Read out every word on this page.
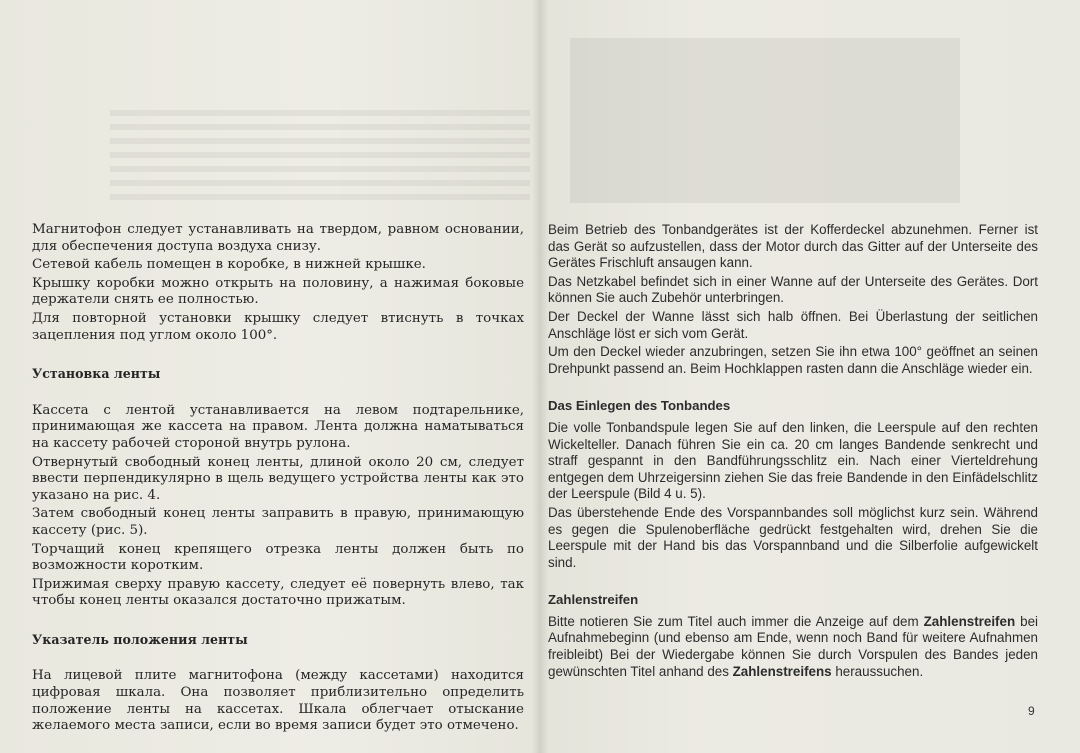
Магнитофон следует устанавливать на твердом, равном основании, для обеспечения доступа воздуха снизу.

Сетевой кабель помещен в коробке, в нижней крышке.

Крышку коробки можно открыть на половину, а нажимая боковые держатели снять ее полностью.

Для повторной установки крышку следует втиснуть в точках зацепления под углом около 100°.

Установка ленты

Кассета с лентой устанавливается на левом подтарельнике, принимающая же кассета на правом. Лента должна наматываться на кассету рабочей стороной внутрь рулона.

Отвернутый свободный конец ленты, длиной около 20 см, следует ввести перпендикулярно в щель ведущего устройства ленты как это указано на рис. 4.

Затем свободный конец ленты заправить в правую, принимающую кассету (рис. 5).

Торчащий конец крепящего отрезка ленты должен быть по возможности коротким.

Прижимая сверху правую кассету, следует её повернуть влево, так чтобы конец ленты оказался достаточно прижатым.

Указатель положения ленты

На лицевой плите магнитофона (между кассетами) находится цифровая шкала. Она позволяет приблизительно определить положение ленты на кассетах. Шкала облегчает отыскание желаемого места записи, если во время записи будет это отмечено.

Beim Betrieb des Tonbandgerätes ist der Kofferdeckel abzunehmen. Ferner ist das Gerät so aufzustellen, dass der Motor durch das Gitter auf der Unterseite des Gerätes Frischluft ansaugen kann.

Das Netzkabel befindet sich in einer Wanne auf der Unterseite des Gerätes. Dort können Sie auch Zubehör unterbringen.

Der Deckel der Wanne lässt sich halb öffnen. Bei Überlastung der seitlichen Anschläge löst er sich vom Gerät.

Um den Deckel wieder anzubringen, setzen Sie ihn etwa 100° geöffnet an seinen Drehpunkt passend an. Beim Hochklappen rasten dann die Anschläge wieder ein.

Das Einlegen des Tonbandes

Die volle Tonbandspule legen Sie auf den linken, die Leerspule auf den rechten Wickelteller. Danach führen Sie ein ca. 20 cm langes Bandende senkrecht und straff gespannt in den Bandführungsschlitz ein. Nach einer Vierteldrehung entgegen dem Uhrzeigersinn ziehen Sie das freie Bandende in den Einfädelschlitz der Leerspule (Bild 4 u. 5).

Das überstehende Ende des Vorspannbandes soll möglichst kurz sein. Während es gegen die Spulenoberfläche gedrückt festgehalten wird, drehen Sie die Leerspule mit der Hand bis das Vorspannband und die Silberfolie aufgewickelt sind.

Zahlenstreifen

Bitte notieren Sie zum Titel auch immer die Anzeige auf dem Zahlenstreifen bei Aufnahmebeginn (und ebenso am Ende, wenn noch Band für weitere Aufnahmen freibleibt) Bei der Wiedergabe können Sie durch Vorspulen des Bandes jeden gewünschten Titel anhand des Zahlenstreifens heraussuchen.

9
